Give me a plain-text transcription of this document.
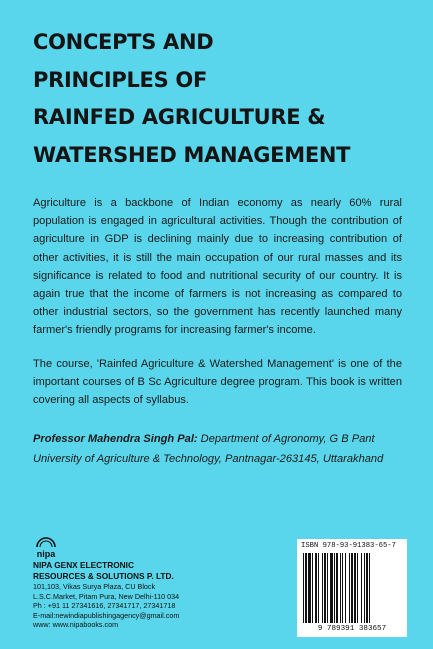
CONCEPTS AND
PRINCIPLES OF
RAINFED AGRICULTURE &
WATERSHED MANAGEMENT

Agriculture is a backbone of Indian economy as nearly 60% rural population is engaged in agricultural activities. Though the contribution of agriculture in GDP is declining mainly due to increasing contribution of other activities, it is still the main occupation of our rural masses and its significance is related to food and nutritional security of our country. It is again true that the income of farmers is not increasing as compared to other industrial sectors, so the government has recently launched many farmer's friendly programs for increasing farmer's income.

The course, 'Rainfed Agriculture & Watershed Management' is one of the important courses of B Sc Agriculture degree program. This book is written covering all aspects of syllabus.

Professor Mahendra Singh Pal: Department of Agronomy, G B Pant University of Agriculture & Technology, Pantnagar-263145, Uttarakhand

nipa
NIPA GENX ELECTRONIC
RESOURCES & SOLUTIONS P. LTD.
101,103, Vikas Surya Plaza, CU Block
L.S.C.Market, Pitam Pura, New Delhi-110 034
Ph : +91 11 27341616, 27341717, 27341718
E-mail:newindiapublishingagency@gmail.com
www: www.nipabooks.com
ISBN 978-93-91383-65-7
9 789391 383657
